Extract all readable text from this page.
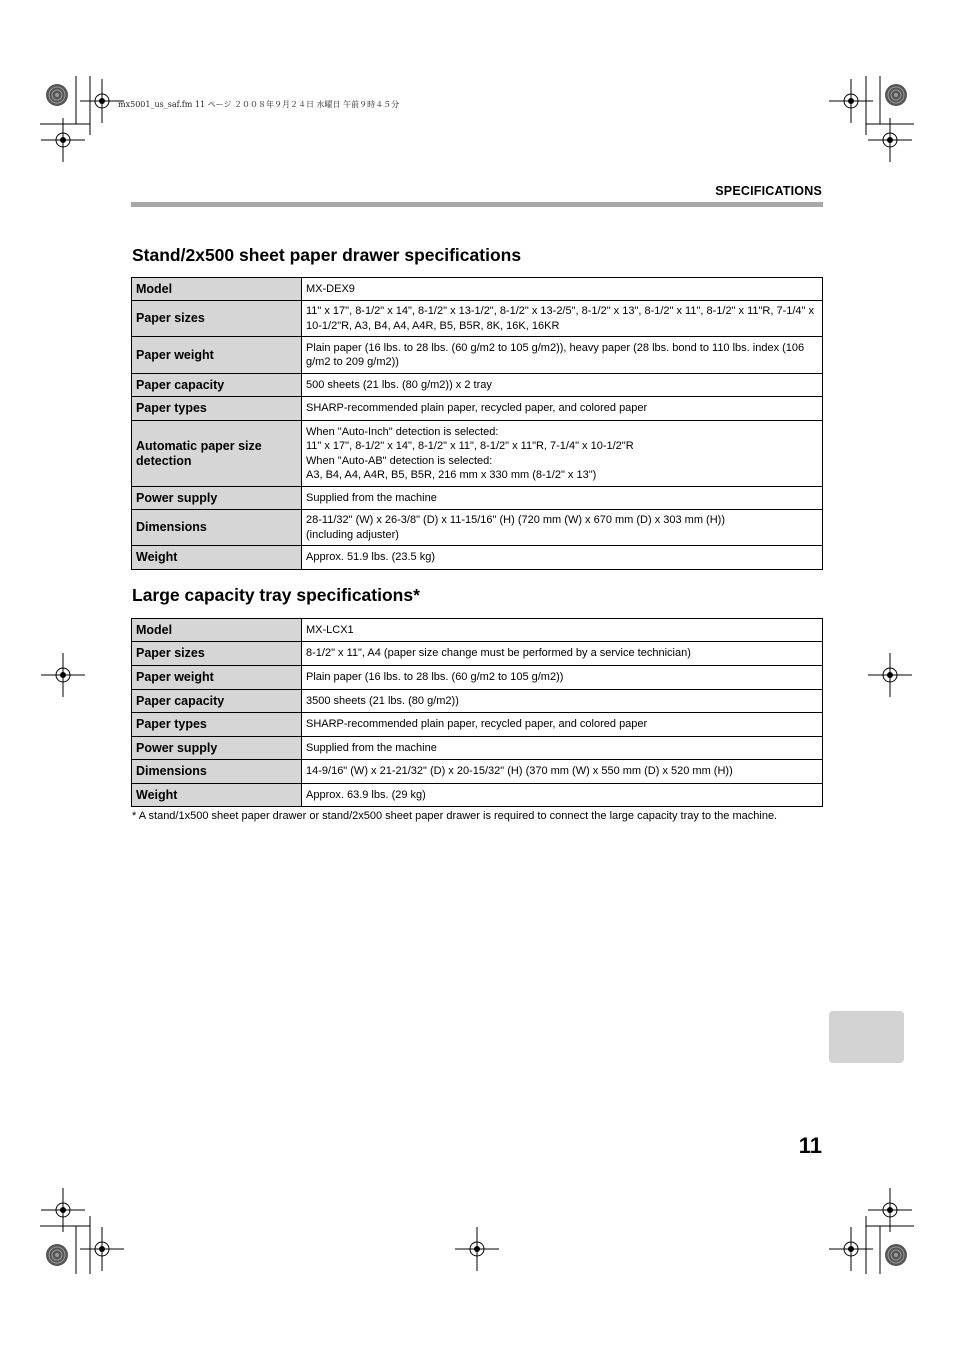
mx5001_us_saf.fm 11 ページ ２００８年９月２４日 水曜日 午前９時４５分
SPECIFICATIONS
Stand/2x500 sheet paper drawer specifications
Model	MX-DEX9
Paper sizes	11" x 17", 8-1/2" x 14", 8-1/2" x 13-1/2", 8-1/2" x 13-2/5", 8-1/2" x 13", 8-1/2" x 11", 8-1/2" x 11"R, 7-1/4" x 10-1/2"R, A3, B4, A4, A4R, B5, B5R, 8K, 16K, 16KR
Paper weight	Plain paper (16 lbs. to 28 lbs. (60 g/m2 to 105 g/m2)), heavy paper (28 lbs. bond to 110 lbs. index (106 g/m2 to 209 g/m2))
Paper capacity	500 sheets (21 lbs. (80 g/m2)) x 2 tray
Paper types	SHARP-recommended plain paper, recycled paper, and colored paper
Automatic paper size detection	When "Auto-Inch" detection is selected:
11" x 17", 8-1/2" x 14", 8-1/2" x 11", 8-1/2" x 11"R, 7-1/4" x 10-1/2"R
When "Auto-AB" detection is selected:
A3, B4, A4, A4R, B5, B5R, 216 mm x 330 mm (8-1/2" x 13")
Power supply	Supplied from the machine
Dimensions	28-11/32" (W) x 26-3/8" (D) x 11-15/16" (H) (720 mm (W) x 670 mm (D) x 303 mm (H))
(including adjuster)
Weight	Approx. 51.9 lbs. (23.5 kg)
Large capacity tray specifications*
Model	MX-LCX1
Paper sizes	8-1/2" x 11", A4 (paper size change must be performed by a service technician)
Paper weight	Plain paper (16 lbs. to 28 lbs. (60 g/m2 to 105 g/m2))
Paper capacity	3500 sheets (21 lbs. (80 g/m2))
Paper types	SHARP-recommended plain paper, recycled paper, and colored paper
Power supply	Supplied from the machine
Dimensions	14-9/16" (W) x 21-21/32" (D) x 20-15/32" (H) (370 mm (W) x 550 mm (D) x 520 mm (H))
Weight	Approx. 63.9 lbs. (29 kg)
* A stand/1x500 sheet paper drawer or stand/2x500 sheet paper drawer is required to connect the large capacity tray to the machine.
11
